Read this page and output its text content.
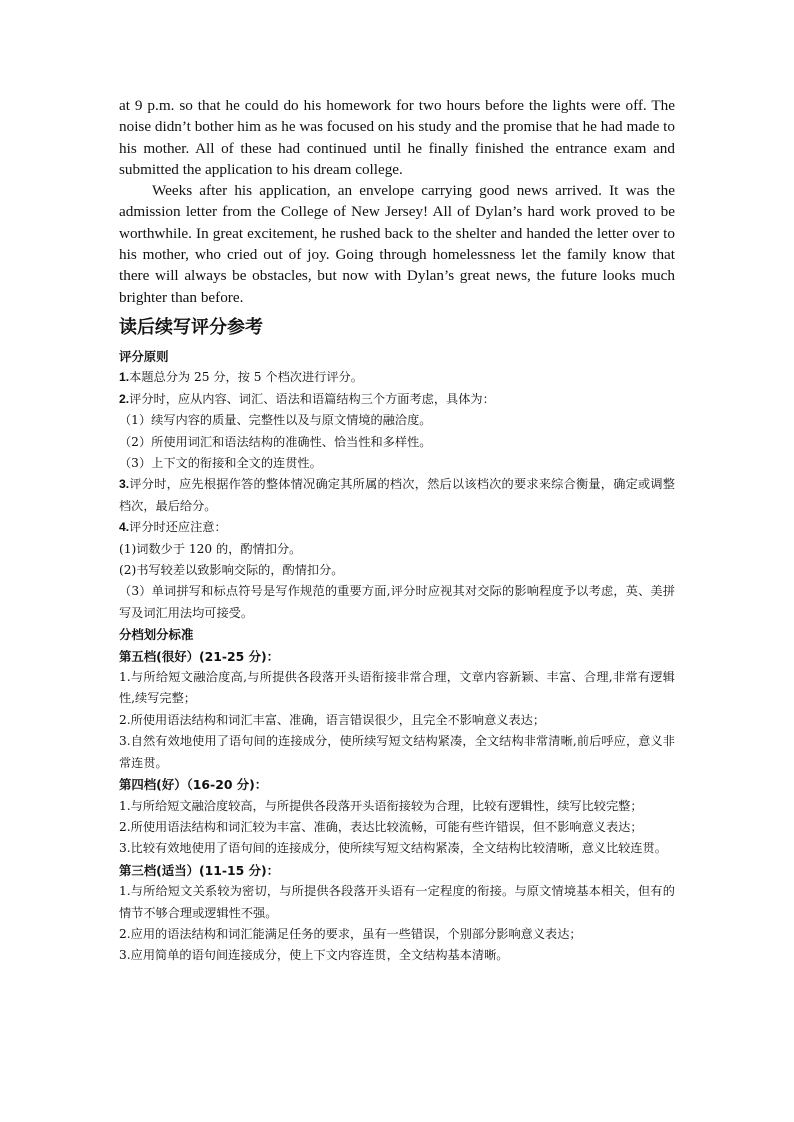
at 9 p.m. so that he could do his homework for two hours before the lights were off. The noise didn’t bother him as he was focused on his study and the promise that he had made to his mother. All of these had continued until he finally finished the entrance exam and submitted the application to his dream college.

Weeks after his application, an envelope carrying good news arrived. It was the admission letter from the College of New Jersey! All of Dylan’s hard work proved to be worthwhile. In great excitement, he rushed back to the shelter and handed the letter over to his mother, who cried out of joy. Going through homelessness let the family know that there will always be obstacles, but now with Dylan’s great news, the future looks much brighter than before.

读后续写评分参考

评分原则

1.本题总分为 25 分，按 5 个档次进行评分。

2.评分时，应从内容、词汇、语法和语篇结构三个方面考虑，具体为：

（1）续写内容的质量、完整性以及与原文情境的融洽度。

（2）所使用词汇和语法结构的准确性、恰当性和多样性。

（3）上下文的衔接和全文的连贯性。

3.评分时，应先根据作答的整体情况确定其所属的档次，然后以该档次的要求来综合衡量，确定或调整档次，最后给分。

4.评分时还应注意：

(1)词数少于 120 的，酌情扣分。

(2)书写较差以致影响交际的，酌情扣分。

（3）单词拼写和标点符号是写作规范的重要方面,评分时应视其对交际的影响程度予以考虑，英、美拼写及词汇用法均可接受。

分档划分标准

第五档(很好）(21-25 分)：

1.与所给短文融洽度高,与所提供各段落开头语衔接非常合理，文章内容新颖、丰富、合理,非常有逻辑性,续写完整；

2.所使用语法结构和词汇丰富、准确，语言错误很少，且完全不影响意义表达；

3.自然有效地使用了语句间的连接成分，使所续写短文结构紧凑，全文结构非常清晰,前后呼应，意义非常连贯。

第四档(好）（16-20 分)：

1.与所给短文融洽度较高，与所提供各段落开头语衔接较为合理，比较有逻辑性，续写比较完整；

2.所使用语法结构和词汇较为丰富、准确，表达比较流畅，可能有些许错误，但不影响意义表达；

3.比较有效地使用了语句间的连接成分，使所续写短文结构紧凑，全文结构比较清晰，意义比较连贯。

第三档(适当）(11-15 分)：

1.与所给短文关系较为密切，与所提供各段落开头语有一定程度的衔接。与原文情境基本相关，但有的情节不够合理或逻辑性不强。

2.应用的语法结构和词汇能满足任务的要求，虽有一些错误，个别部分影响意义表达；

3.应用简单的语句间连接成分，使上下文内容连贯，全文结构基本清晰。
